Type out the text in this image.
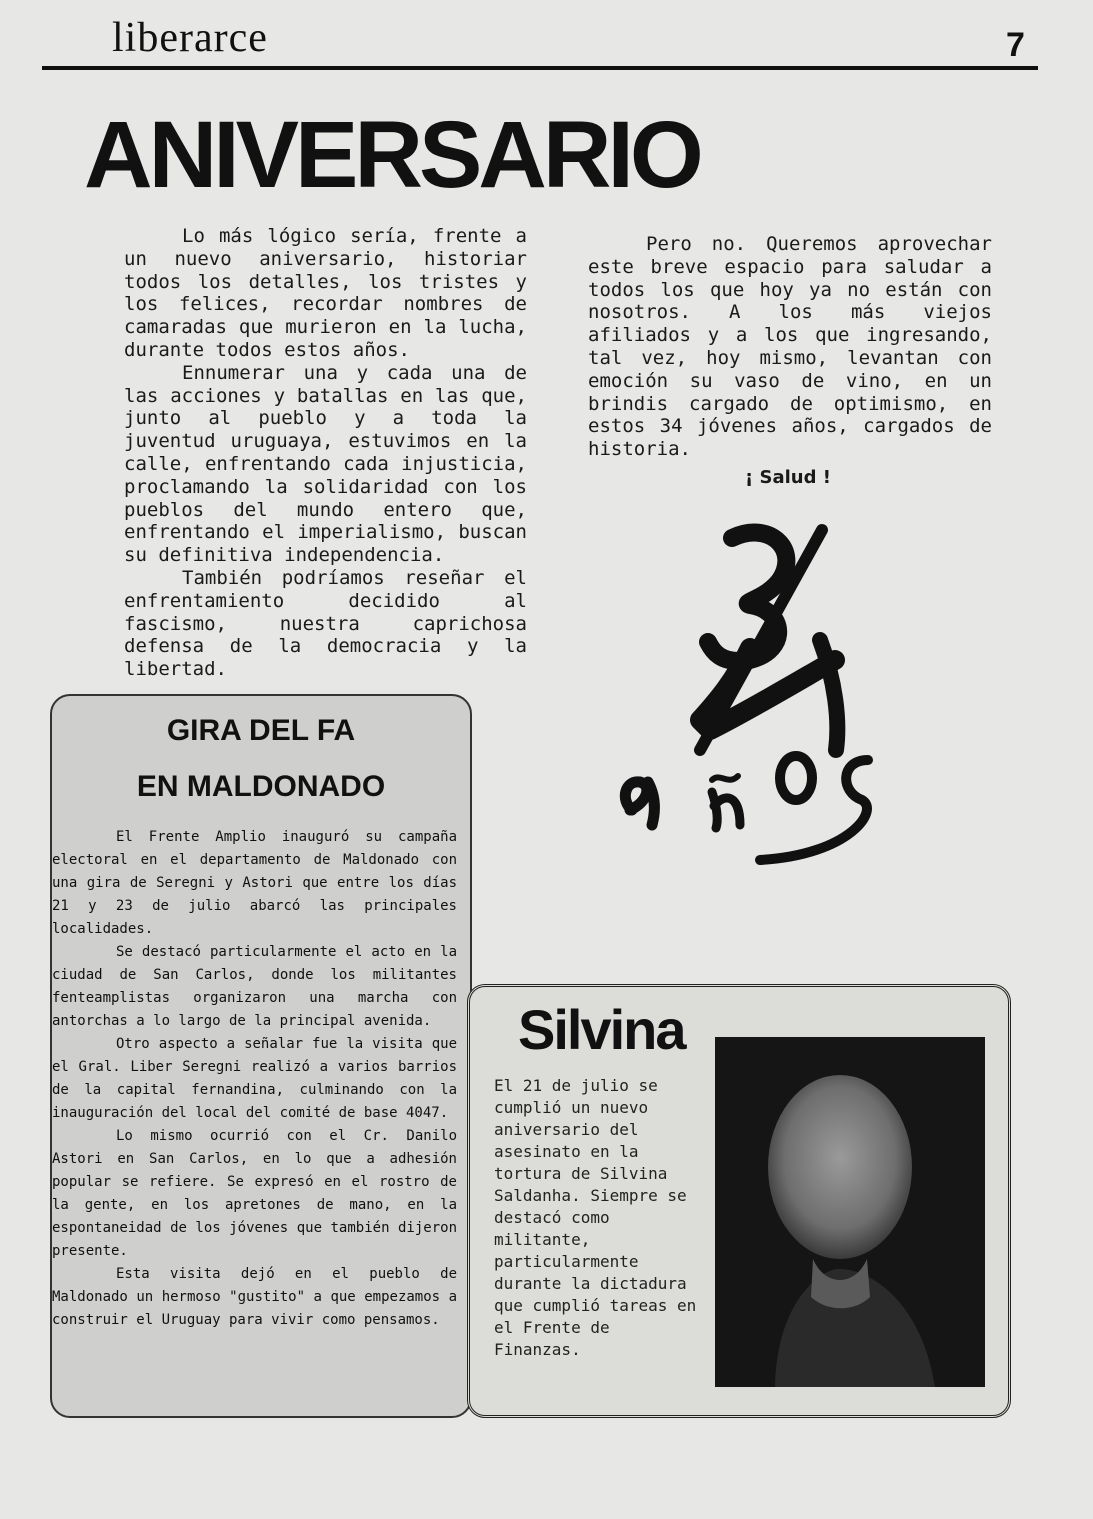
liberarce	7
ANIVERSARIO

Lo más lógico sería, frente a un nuevo aniversario, historiar todos los detalles, los tristes y los felices, recordar nombres de camaradas que murieron en la lucha, durante todos estos años.

Ennumerar una y cada una de las acciones y batallas en las que, junto al pueblo y a toda la juventud uruguaya, estuvimos en la calle, enfrentando cada injusticia, proclamando la solidaridad con los pueblos del mundo entero que, enfrentando el imperialismo, buscan su definitiva independencia.

También podríamos reseñar el enfrentamiento decidido al fascismo, nuestra caprichosa defensa de la democracia y la libertad.

Pero no. Queremos aprovechar este breve espacio para saludar a todos los que hoy ya no están con nosotros. A los más viejos afiliados y a los que ingresando, tal vez, hoy mismo, levantan con emoción su vaso de vino, en un brindis cargado de optimismo, en estos 34 jóvenes años, cargados de historia.

¡ Salud !
GIRA DEL FA
EN MALDONADO

El Frente Amplio inauguró su campaña electoral en el departamento de Maldonado con una gira de Seregni y Astori que entre los días 21 y 23 de julio abarcó las principales localidades.

Se destacó particularmente el acto en la ciudad de San Carlos, donde los militantes fenteamplistas organizaron una marcha con antorchas a lo largo de la principal avenida.

Otro aspecto a señalar fue la visita que el Gral. Liber Seregni realizó a varios barrios de la capital fernandina, culminando con la inauguración del local del comité de base 4047.

Lo mismo ocurrió con el Cr. Danilo Astori en San Carlos, en lo que a adhesión popular se refiere. Se expresó en el rostro de la gente, en los apretones de mano, en la espontaneidad de los jóvenes que también dijeron presente.

Esta visita dejó en el pueblo de Maldonado un hermoso "gustito" a que empezamos a construir el Uruguay para vivir como pensamos.

Silvina
El 21 de julio se cumplió un nuevo aniversario del asesinato en la tortura de Silvina Saldanha. Siempre se destacó como militante, particularmente durante la dictadura que cumplió tareas en el Frente de Finanzas.
